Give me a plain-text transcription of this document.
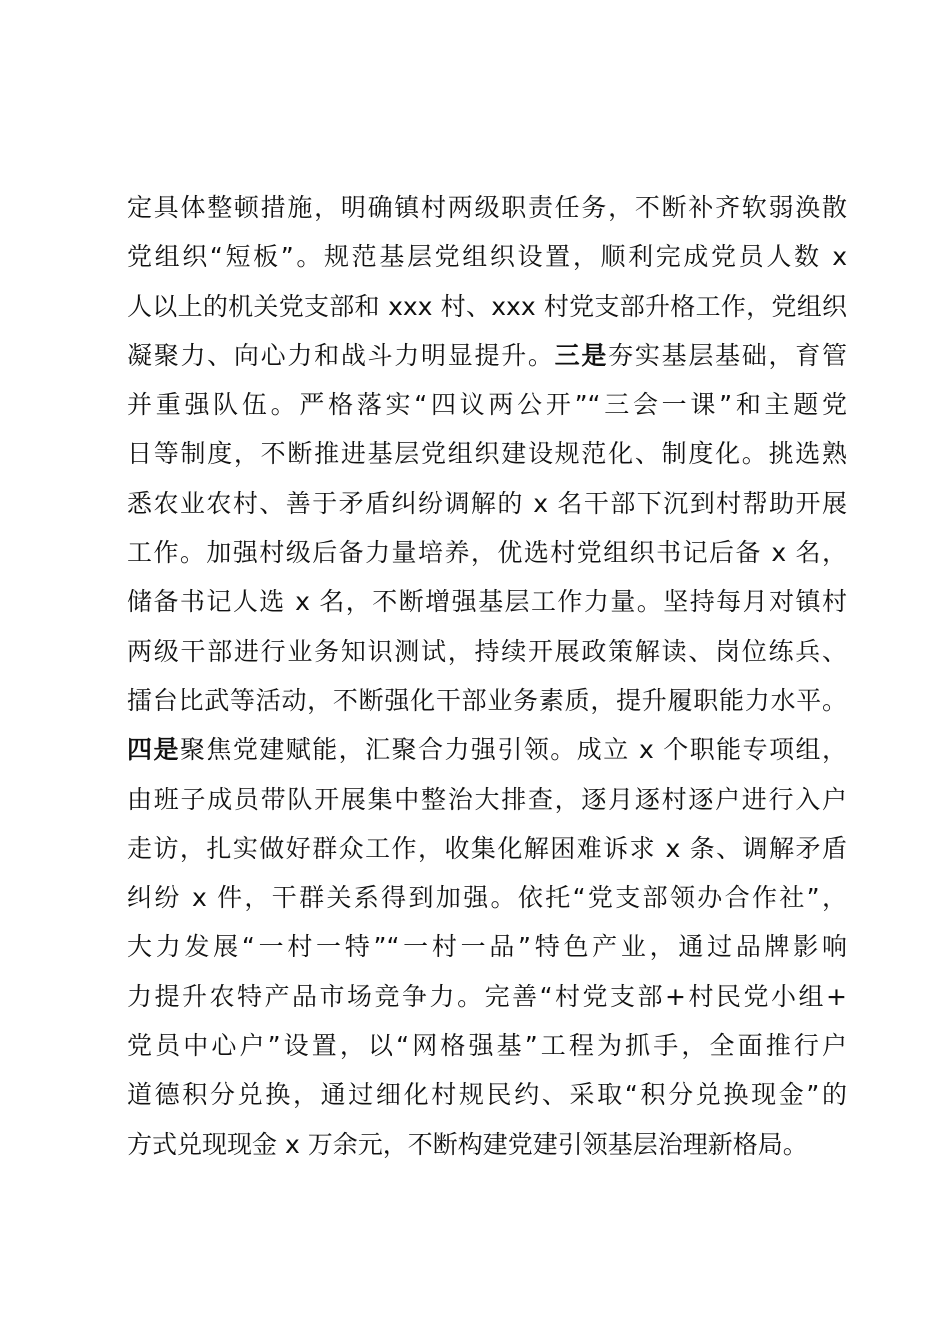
定具体整顿措施，明确镇村两级职责任务，不断补齐软弱涣散
党组织“短板”。规范基层党组织设置，顺利完成党员人数 x
人以上的机关党支部和 xxx 村、xxx 村党支部升格工作，党组织
凝聚力、向心力和战斗力明显提升。三是夯实基层基础，育管
并重强队伍。严格落实“四议两公开”“三会一课”和主题党
日等制度，不断推进基层党组织建设规范化、制度化。挑选熟
悉农业农村、善于矛盾纠纷调解的 x 名干部下沉到村帮助开展
工作。加强村级后备力量培养，优选村党组织书记后备 x 名，
储备书记人选 x 名，不断增强基层工作力量。坚持每月对镇村
两级干部进行业务知识测试，持续开展政策解读、岗位练兵、
擂台比武等活动，不断强化干部业务素质，提升履职能力水平。
四是聚焦党建赋能，汇聚合力强引领。成立 x 个职能专项组，
由班子成员带队开展集中整治大排查，逐月逐村逐户进行入户
走访，扎实做好群众工作，收集化解困难诉求 x 条、调解矛盾
纠纷 x 件，干群关系得到加强。依托“党支部领办合作社”，
大力发展“一村一特”“一村一品”特色产业，通过品牌影响
力提升农特产品市场竞争力。完善“村党支部+村民党小组+
党员中心户”设置，以“网格强基”工程为抓手，全面推行户
道德积分兑换，通过细化村规民约、采取“积分兑换现金”的
方式兑现现金 x 万余元，不断构建党建引领基层治理新格局。
